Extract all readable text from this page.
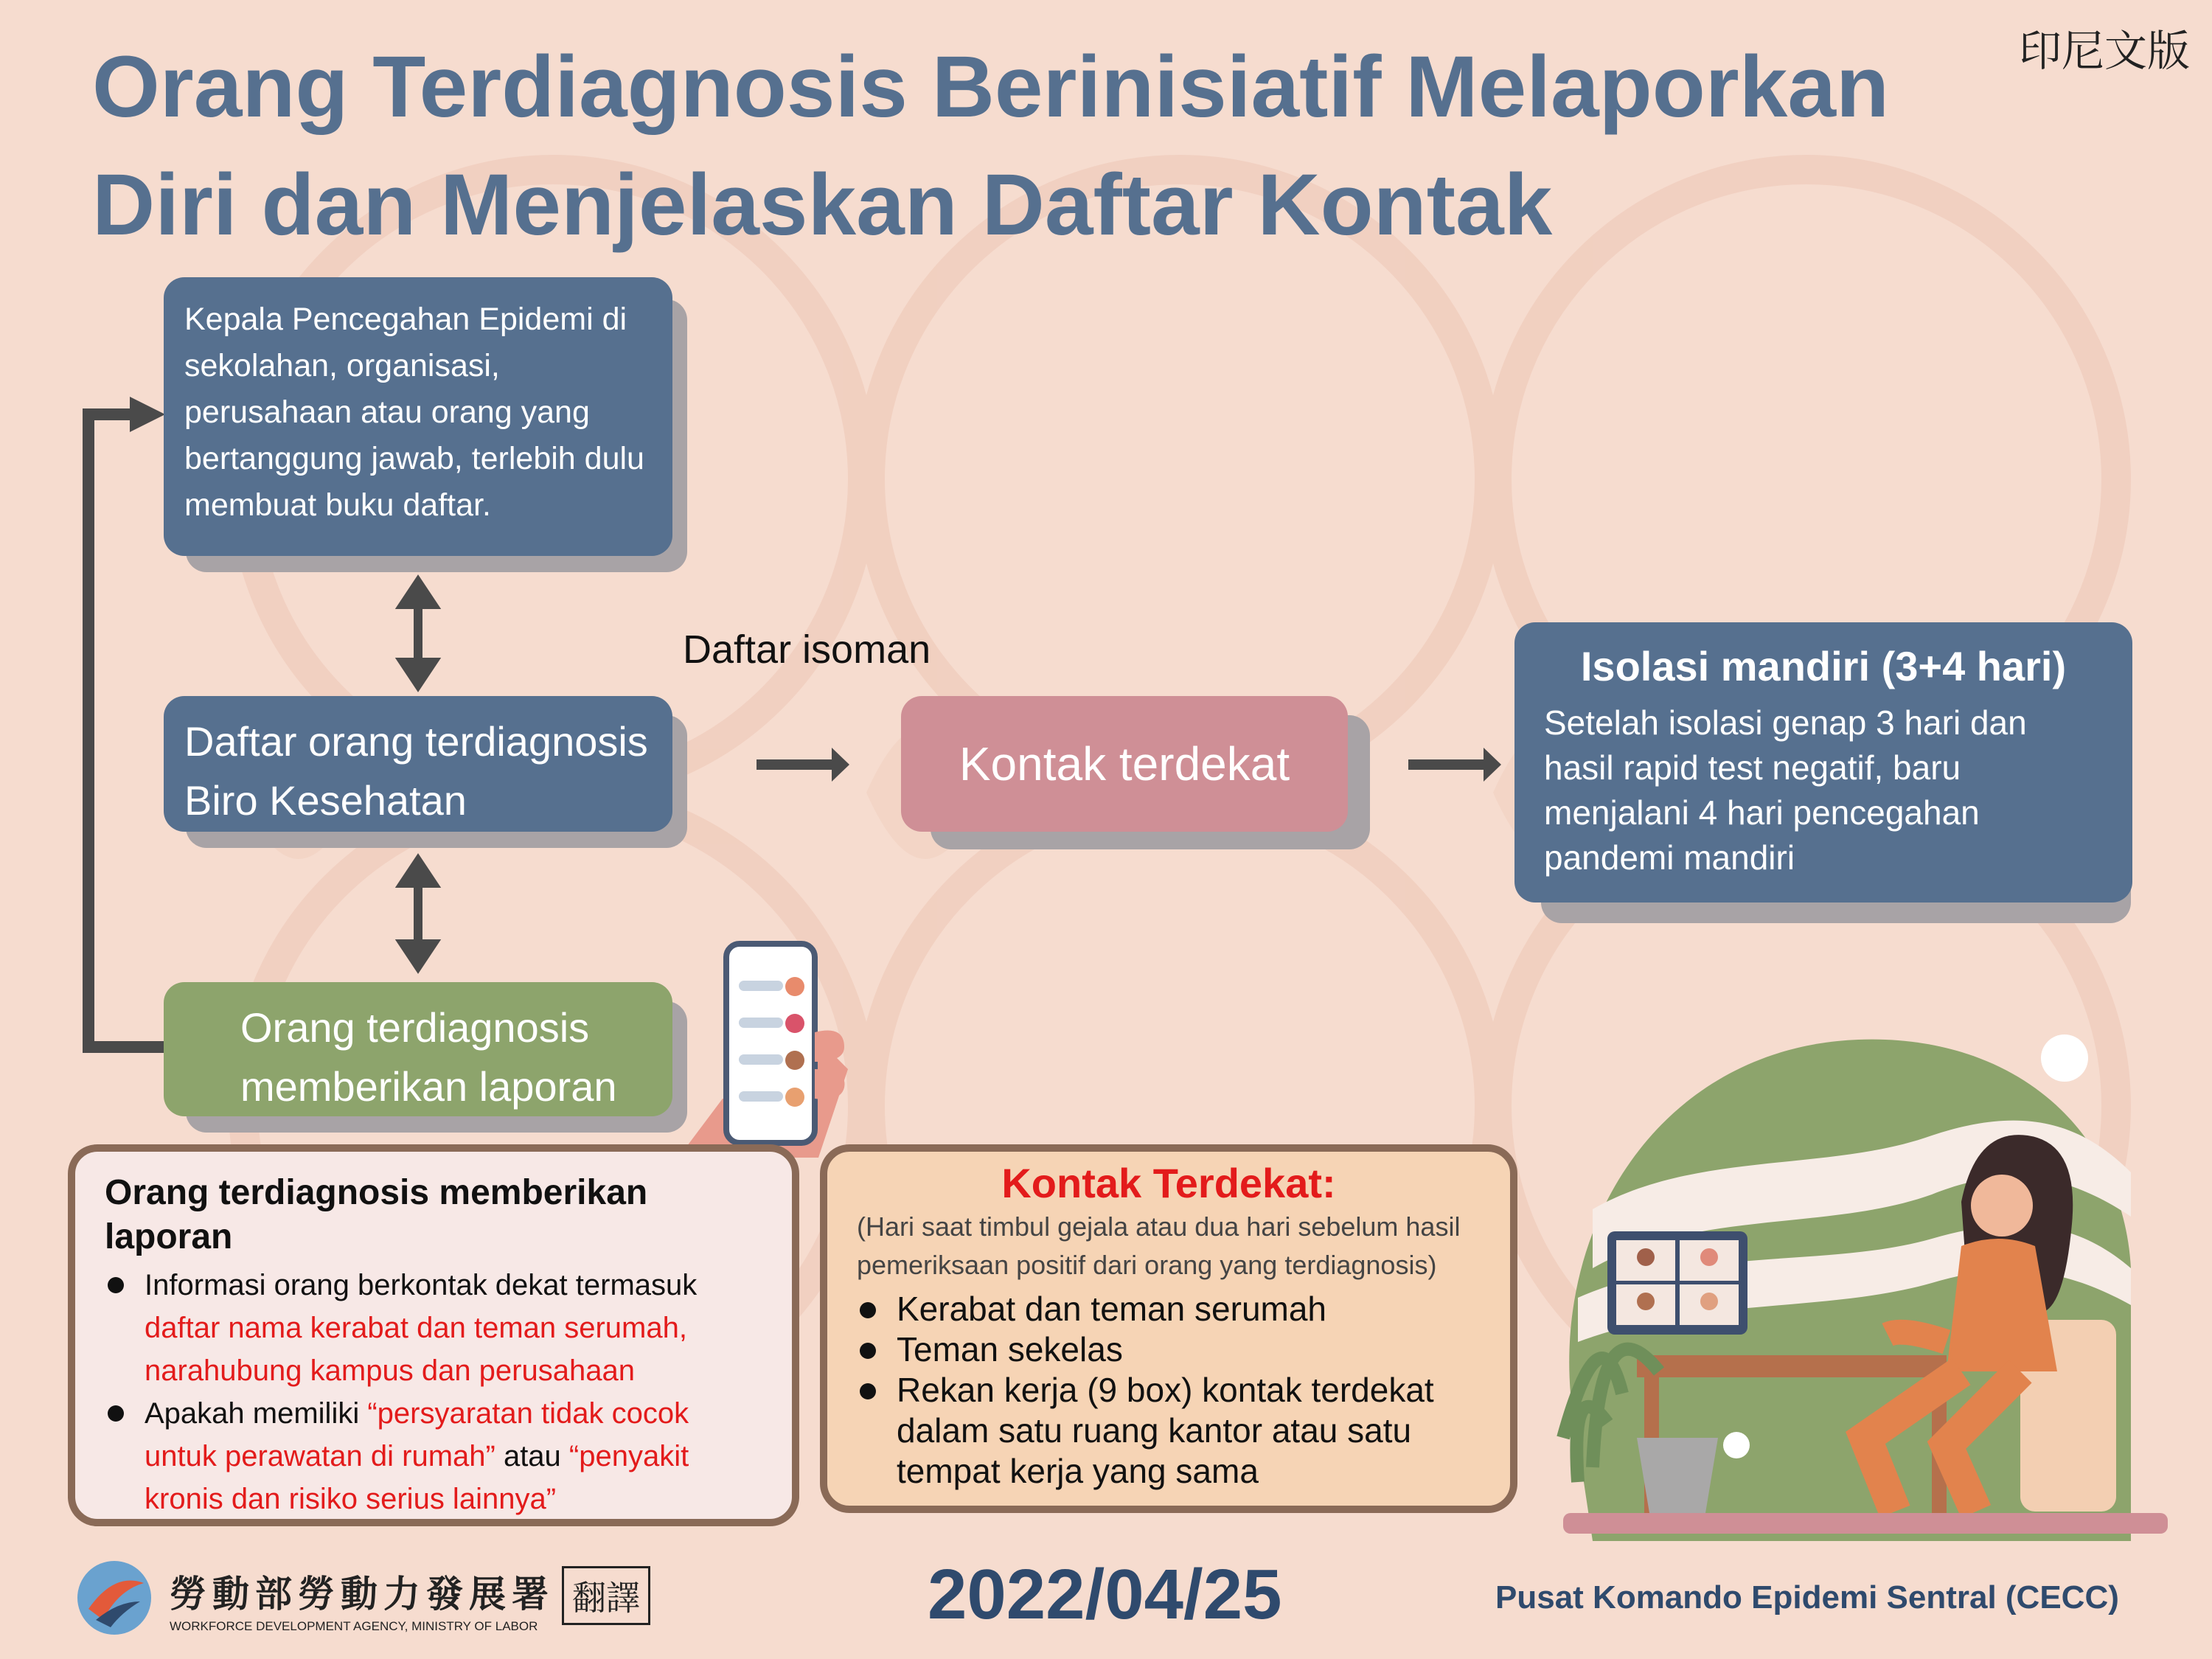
印尼文版
Orang Terdiagnosis Berinisiatif Melaporkan
Diri dan Menjelaskan Daftar Kontak
Kepala Pencegahan Epidemi di sekolahan, organisasi, perusahaan atau orang yang bertanggung jawab, terlebih dulu membuat buku daftar.
Daftar orang terdiagnosis
Biro Kesehatan
Orang terdiagnosis
memberikan laporan
Daftar isoman
Kontak terdekat
Isolasi mandiri (3+4 hari)
Setelah isolasi genap 3 hari dan hasil rapid test negatif, baru menjalani 4 hari pencegahan pandemi mandiri
Orang terdiagnosis memberikan laporan
Informasi orang berkontak dekat termasuk daftar nama kerabat dan teman serumah, narahubung kampus dan perusahaan
Apakah memiliki “persyaratan tidak cocok untuk perawatan di rumah” atau “penyakit kronis dan risiko serius lainnya”
Kontak Terdekat:
(Hari saat timbul gejala atau dua hari sebelum hasil pemeriksaan positif dari orang yang terdiagnosis)
Kerabat dan teman serumah
Teman sekelas
Rekan kerja (9 box) kontak terdekat dalam satu ruang kantor atau satu tempat kerja yang sama
勞動部勞動力發展署
WORKFORCE DEVELOPMENT AGENCY, MINISTRY OF LABOR
翻譯	2022/04/25	Pusat Komando Epidemi Sentral (CECC)
